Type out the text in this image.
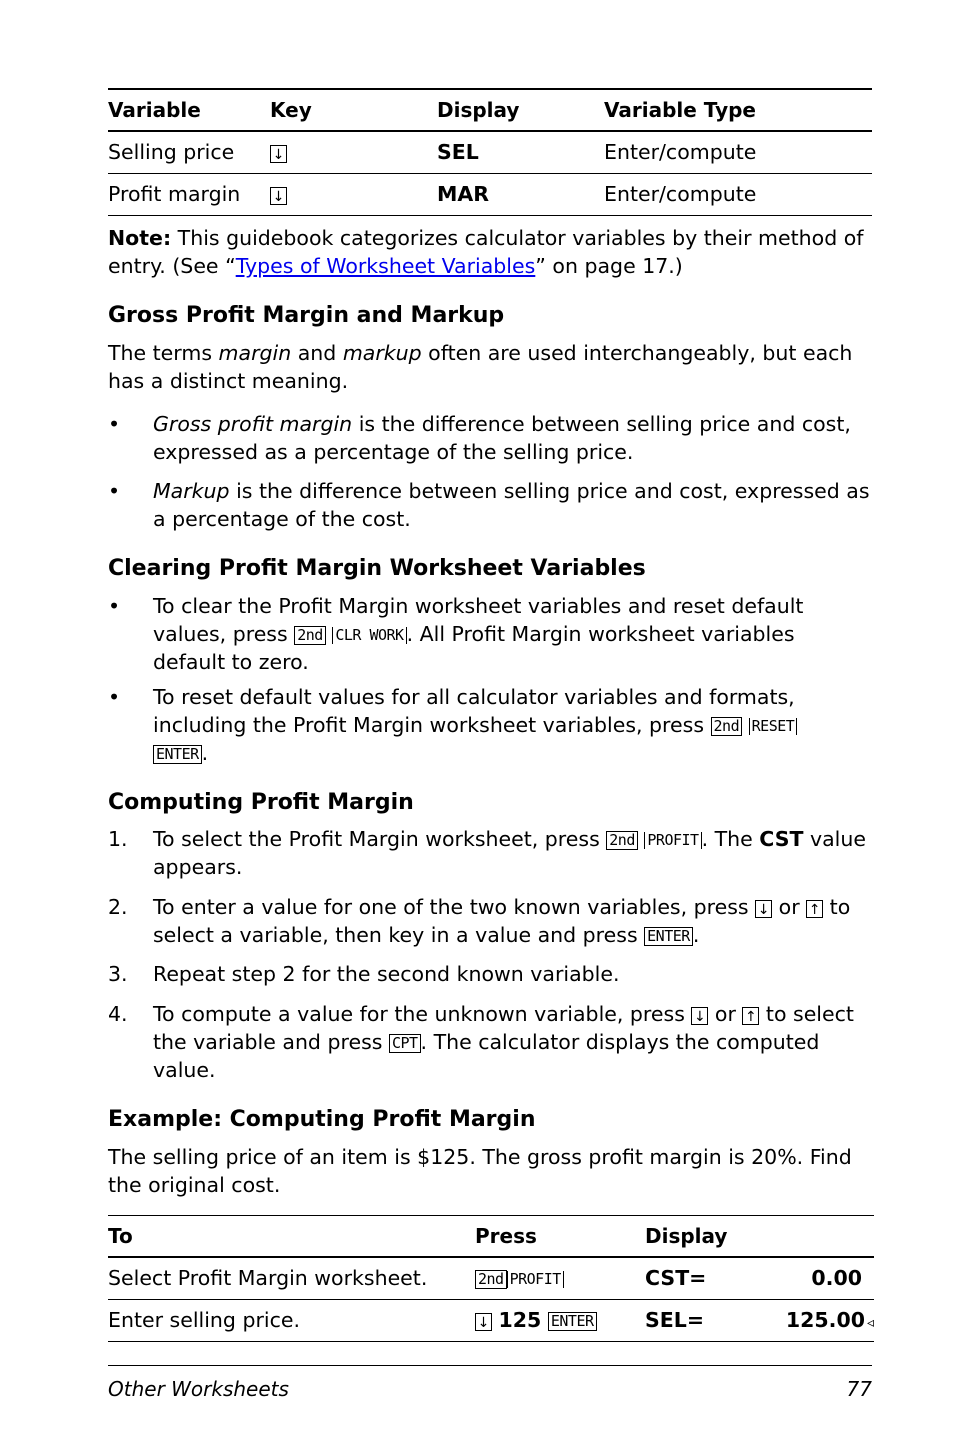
Variable	Key	Display	Variable Type
Selling price	↓	SEL	Enter/compute
Profit margin	↓	MAR	Enter/compute

Note: This guidebook categorizes calculator variables by their method of entry. (See “Types of Worksheet Variables” on page 17.)

Gross Profit Margin and Markup

The terms margin and markup often are used interchangeably, but each has a distinct meaning.

• Gross profit margin is the difference between selling price and cost, expressed as a percentage of the selling price.
• Markup is the difference between selling price and cost, expressed as a percentage of the cost.
Clearing Profit Margin Worksheet Variables
• To clear the Profit Margin worksheet variables and reset default values, press 2nd CLR WORK . All Profit Margin worksheet variables default to zero.
• To reset default values for all calculator variables and formats, including the Profit Margin worksheet variables, press 2nd RESET
ENTER .
Computing Profit Margin
1. To select the Profit Margin worksheet, press 2nd PROFIT . The CST value appears.
2. To enter a value for one of the two known variables, press ↓ or ↑ to select a variable, then key in a value and press ENTER .
3. Repeat step 2 for the second known variable.
4. To compute a value for the unknown variable, press ↓ or ↑ to select the variable and press CPT . The calculator displays the computed value.
Example: Computing Profit Margin

The selling price of an item is $125. The gross profit margin is 20%. Find the original cost.

To	Press	Display	
Select Profit Margin worksheet.	2nd PROFIT	CST=	0.00
Enter selling price.	↓ 125 ENTER	SEL=	125.00 ◃
Other Worksheets	77
